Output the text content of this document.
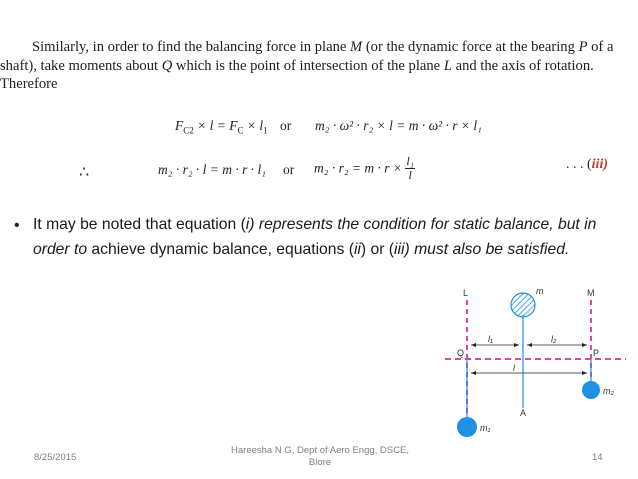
Similarly, in order to find the balancing force in plane M (or the dynamic force at the bearing P of a shaft), take moments about Q which is the point of intersection of the plane L and the axis of rotation. Therefore
$F_{C2} \times l = F_C \times l_1$ or m₂ · ω² · r₂ × l = m · ω² · r × l₁
∴	m₂ · r₂ · l = m · r · l₁ or $m_2 \cdot r_2 = m \cdot r \times \frac{\text{l₁}}{l}$	. . . (iii)
• It may be noted that equation (i) represents the condition for static balance, but in order to achieve dynamic balance, equations (ii) or (iii) must also be satisfied.
L	M
m
Q	P
l₁	l₂
l
A
m₁
m₂
8/25/2015
Hareesha N G, Dept of Aero Engg, DSCE,
Blore	14
